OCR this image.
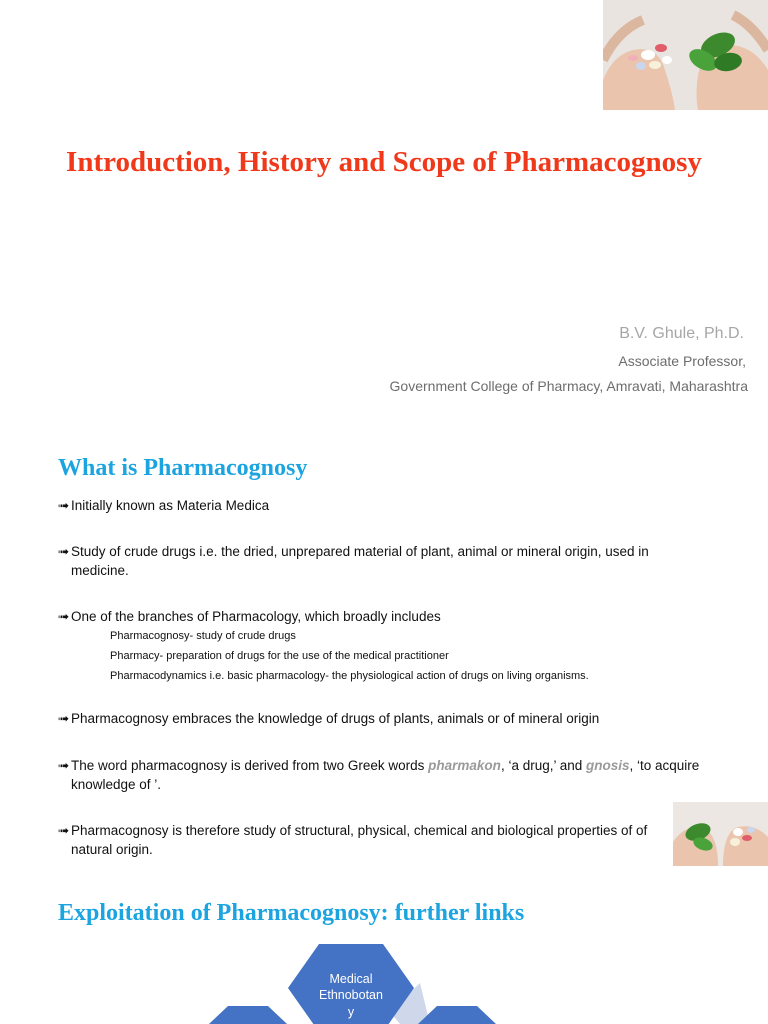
Introduction, History and Scope of Pharmacognosy
B.V. Ghule, Ph.D.
Associate Professor,
Government College of Pharmacy, Amravati, Maharashtra
What is Pharmacognosy
➟ Initially known as Materia Medica
➟ Study of crude drugs i.e. the dried, unprepared material of plant, animal or mineral origin, used in medicine.
➟ One of the branches of Pharmacology, which broadly includes
Pharmacognosy- study of crude drugs
Pharmacy- preparation of drugs for the use of the medical practitioner
Pharmacodynamics i.e. basic pharmacology- the physiological action of drugs on living organisms.
➟ Pharmacognosy embraces the knowledge of drugs of plants, animals or of mineral origin
➟ The word pharmacognosy is derived from two Greek words pharmakon, ‘a drug,’ and gnosis, ‘to acquire knowledge of ’.
➟ Pharmacognosy is therefore study of structural, physical, chemical and biological properties of of natural origin.
Exploitation of Pharmacognosy: further links
Medical
Ethnobotan
y
